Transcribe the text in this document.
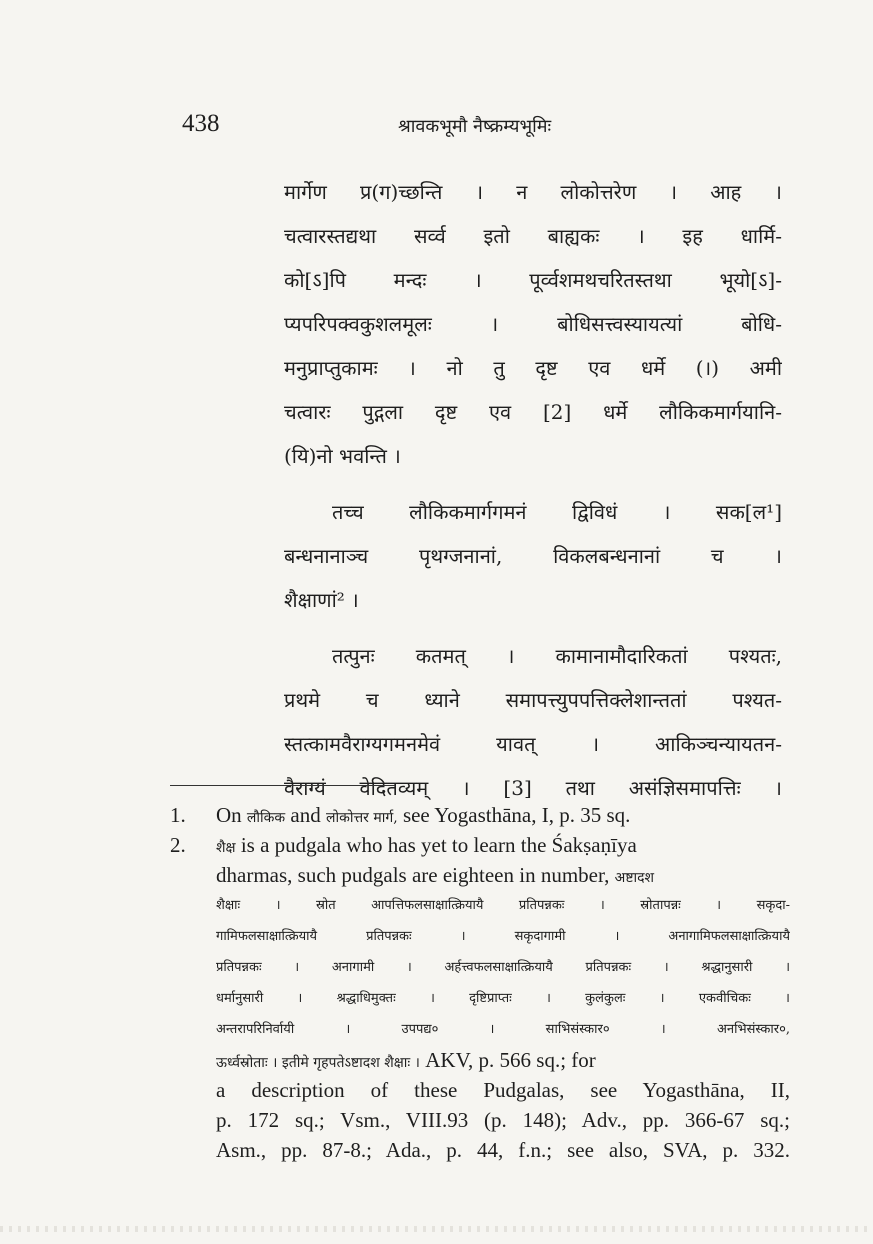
438	श्रावकभूमौ नैष्क्रम्यभूमिः
मार्गेण प्र(ग)च्छन्ति । न लोकोत्तरेण । आह ।
चत्वारस्तद्यथा सर्व्व इतो बाह्यकः । इह धार्मि-
को[ऽ]पि मन्दः । पूर्व्वशमथचरितस्तथा भूयो[ऽ]-
प्यपरिपक्वकुशलमूलः । बोधिसत्त्वस्यायत्यां बोधि-
मनुप्राप्तुकामः । नो तु दृष्ट एव धर्मे (।) अमी
चत्वारः पुद्गला दृष्ट एव [2] धर्मे लौकिकमार्गयानि-
(यि)नो भवन्ति ।
तच्च लौकिकमार्गगमनं द्विविधं । सक[ल¹]
बन्धनानाञ्च पृथग्जनानां, विकलबन्धनानां च ।
शैक्षाणां² ।
तत्पुनः कतमत् । कामानामौदारिकतां पश्यतः,
प्रथमे च ध्याने समापत्त्युपपत्तिक्लेशान्ततां पश्यत-
स्तत्कामवैराग्यगमनमेवं यावत् । आकिञ्चन्यायतन-
वैराग्यं वेदितव्यम् । [3] तथा असंज्ञिसमापत्तिः ।
1. On लौकिक and लोकोत्तर मार्ग, see Yogasthāna, I, p. 35 sq.
2. शैक्ष is a pudgala who has yet to learn the Śakṣaṇīya
dharmas, such pudgals are eighteen in number, अष्टादश
शैक्षाः । स्रोत आपत्तिफलसाक्षात्क्रियायै प्रतिपन्नकः । स्रोतापन्नः । सकृदा-
गामिफलसाक्षात्क्रियायै प्रतिपन्नकः । सकृदागामी । अनागामिफलसाक्षात्क्रियायै
प्रतिपन्नकः । अनागामी । अर्हत्त्वफलसाक्षात्क्रियायै प्रतिपन्नकः । श्रद्धानुसारी ।
धर्मानुसारी । श्रद्धाधिमुक्तः । दृष्टिप्राप्तः । कुलंकुलः । एकवीचिकः ।
अन्तरापरिनिर्वायी । उपपद्य० । साभिसंस्कार० । अनभिसंस्कार०,
ऊर्ध्वस्रोताः । इतीमे गृहपतेऽष्टादश शैक्षाः । AKV, p. 566 sq.; for
a description of these Pudgalas, see Yogasthāna, II,
p. 172 sq.; Vsm., VIII.93 (p. 148); Adv., pp. 366-67 sq.;
Asm., pp. 87-8.; Ada., p. 44, f.n.; see also, SVA, p. 332.
